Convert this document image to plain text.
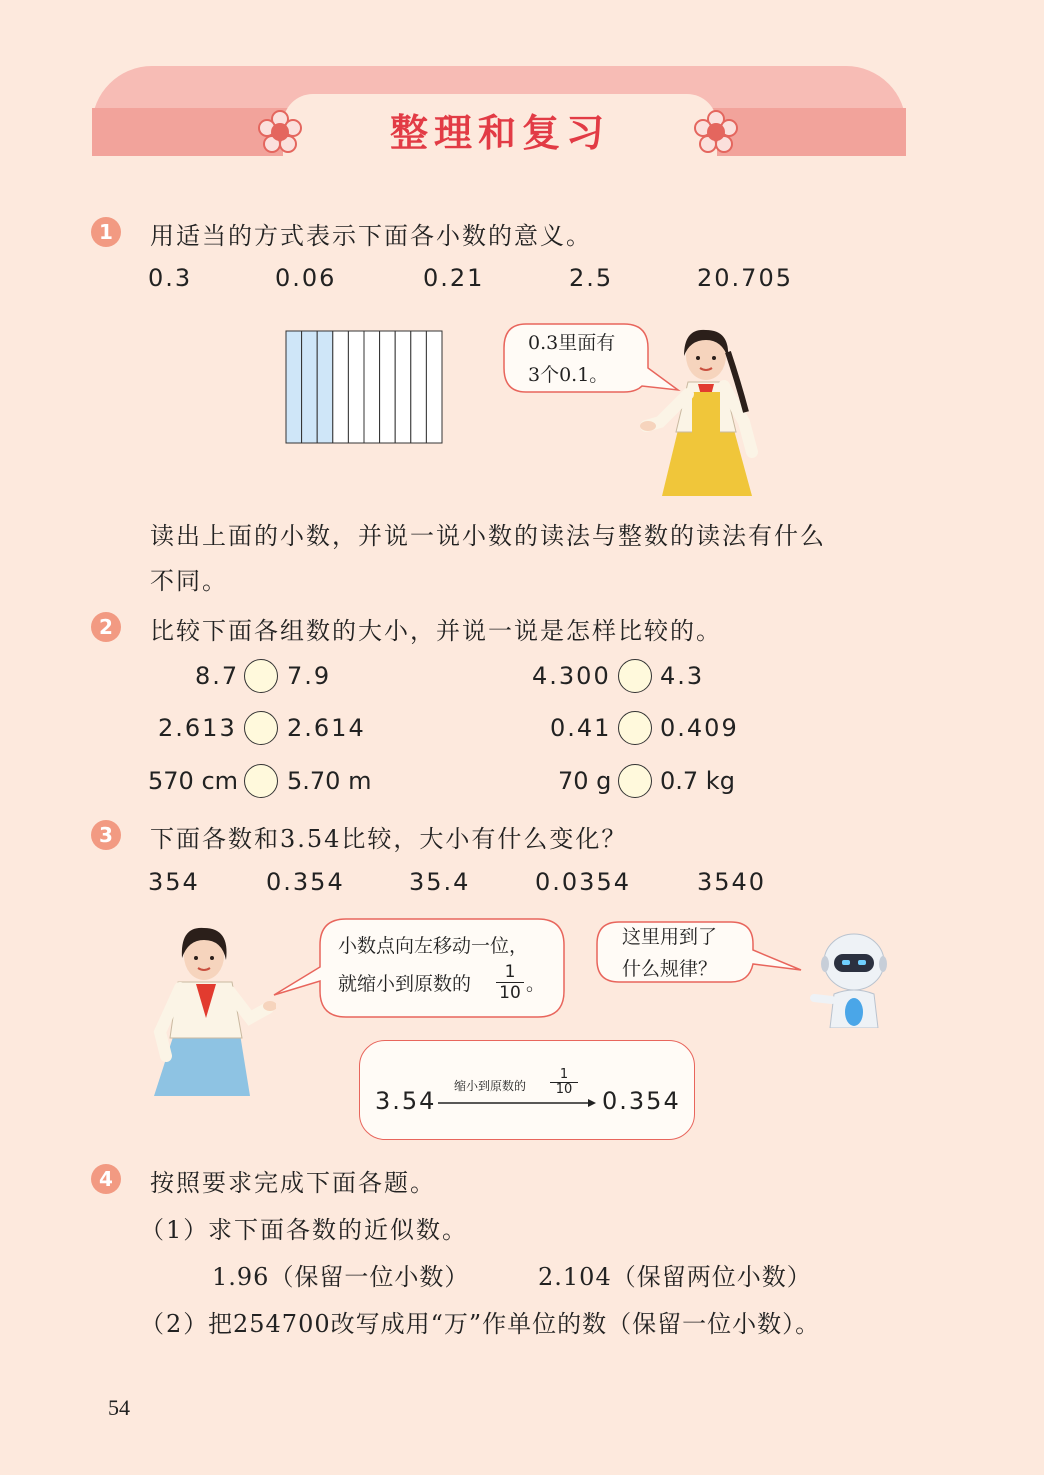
整理和复习
1	用适当的方式表示下面各小数的意义。
0.3	0.06	0.21	2.5	20.705
0.3里面有
3个0.1。
读出上面的小数，并说一说小数的读法与整数的读法有什么
不同。
2	比较下面各组数的大小，并说一说是怎样比较的。
8.7 7.9	4.300 4.3
2.613 2.614	0.41 0.409
570 cm 5.70 m	70 g 0.7 kg
3	下面各数和3.54比较，大小有什么变化？
354	0.354	35.4	0.0354	3540
小数点向左移动一位，
就缩小到原数的 $\frac{1}{10}$ 。
这里用到了
什么规律？
3.54
缩小到原数的 $\frac{1}{10}$
0.354
4	按照要求完成下面各题。
（1）
求下面各数的近似数。
1.96（保留一位小数）	2.104（保留两位小数）
（2）
把254700改写成用“万”作单位的数（保留一位小数）。
54
